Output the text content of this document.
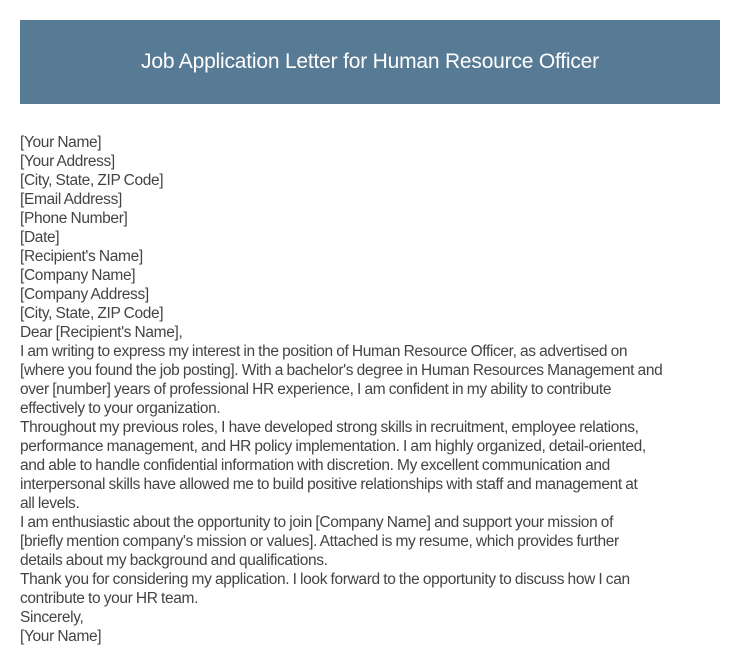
Job Application Letter for Human Resource Officer
[Your Name]
[Your Address]
[City, State, ZIP Code]
[Email Address]
[Phone Number]
[Date]
[Recipient's Name]
[Company Name]
[Company Address]
[City, State, ZIP Code]
Dear [Recipient's Name],
I am writing to express my interest in the position of Human Resource Officer, as advertised on
[where you found the job posting]. With a bachelor's degree in Human Resources Management and
over [number] years of professional HR experience, I am confident in my ability to contribute
effectively to your organization.
Throughout my previous roles, I have developed strong skills in recruitment, employee relations,
performance management, and HR policy implementation. I am highly organized, detail-oriented,
and able to handle confidential information with discretion. My excellent communication and
interpersonal skills have allowed me to build positive relationships with staff and management at
all levels.
I am enthusiastic about the opportunity to join [Company Name] and support your mission of
[briefly mention company's mission or values]. Attached is my resume, which provides further
details about my background and qualifications.
Thank you for considering my application. I look forward to the opportunity to discuss how I can
contribute to your HR team.
Sincerely,
[Your Name]
